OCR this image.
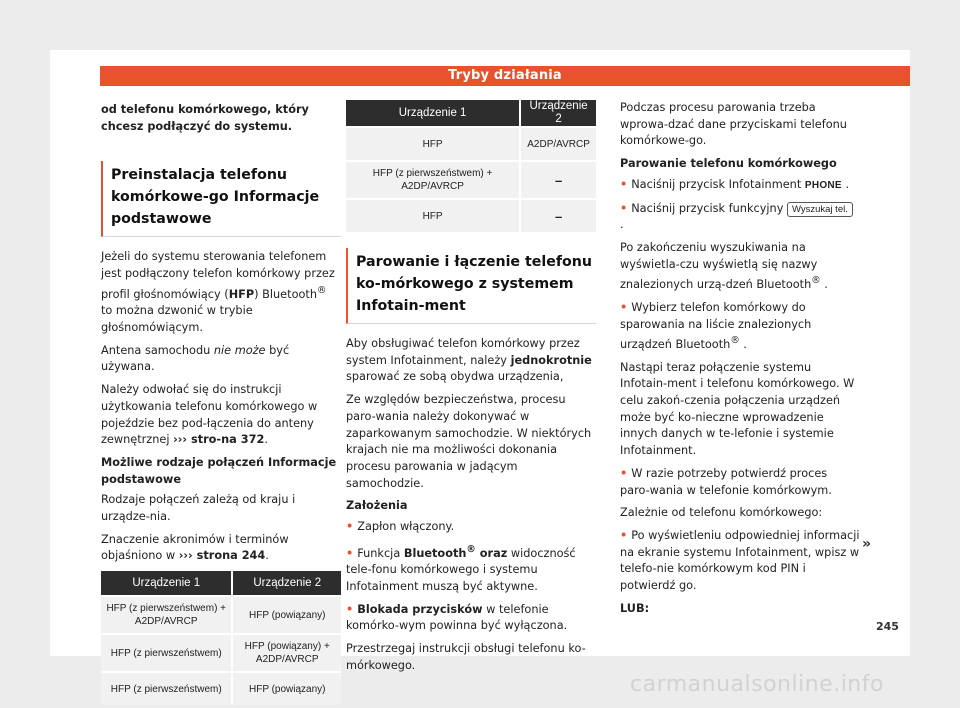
Tryby działania

od telefonu komórkowego, który chcesz podłączyć do systemu.

Preinstalacja telefonu komórkowe-go Informacje podstawowe

Jeżeli do systemu sterowania telefonem jest podłączony telefon komórkowy przez profil głośnomówiący (HFP) Bluetooth® to można dzwonić w trybie głośnomówiącym.

Antena samochodu nie może być używana.

Należy odwołać się do instrukcji użytkowania telefonu komórkowego w pojeździe bez pod-łączenia do anteny zewnętrznej ››› stro-na 372.

Możliwe rodzaje połączeń Informacje podstawowe

Rodzaje połączeń zależą od kraju i urządze-nia.

Znaczenie akronimów i terminów objaśniono w ››› strona 244.

Urządzenie 1	Urządzenie 2
HFP (z pierwszeństwem) + A2DP/AVRCP	HFP (powiązany)
HFP (z pierwszeństwem)	HFP (powiązany) + A2DP/AVRCP
HFP (z pierwszeństwem)	HFP (powiązany)
Urządzenie 1	Urządzenie 2
HFP	A2DP/AVRCP
HFP (z pierwszeństwem) + A2DP/AVRCP	–
HFP	–
Parowanie i łączenie telefonu ko-mórkowego z systemem Infotain-ment

Aby obsługiwać telefon komórkowy przez system Infotainment, należy jednokrotnie sparować ze sobą obydwa urządzenia,

Ze względów bezpieczeństwa, procesu paro-wania należy dokonywać w zaparkowanym samochodzie. W niektórych krajach nie ma możliwości dokonania procesu parowania w jadącym samochodzie.

Założenia

• Zapłon włączony.

• Funkcja Bluetooth® oraz widoczność tele-fonu komórkowego i systemu Infotainment muszą być aktywne.

• Blokada przycisków w telefonie komórko-wym powinna być wyłączona.

Przestrzegaj instrukcji obsługi telefonu ko-mórkowego.

Podczas procesu parowania trzeba wprowa-dzać dane przyciskami telefonu komórkowe-go.

Parowanie telefonu komórkowego

• Naciśnij przycisk Infotainment PHONE .

• Naciśnij przycisk funkcyjny Wyszukaj tel. .

Po zakończeniu wyszukiwania na wyświetla-czu wyświetlą się nazwy znalezionych urzą-dzeń Bluetooth® .

• Wybierz telefon komórkowy do sparowania na liście znalezionych urządzeń Bluetooth® .

Nastąpi teraz połączenie systemu Infotain-ment i telefonu komórkowego. W celu zakoń-czenia połączenia urządzeń może być ko-nieczne wprowadzenie innych danych w te-lefonie i systemie Infotainment.

• W razie potrzeby potwierdź proces paro-wania w telefonie komórkowym.

Zależnie od telefonu komórkowego:

• Po wyświetleniu odpowiedniej informacji na ekranie systemu Infotainment, wpisz w telefo-nie komórkowym kod PIN i potwierdź go.

LUB:

»
245
carmanualsonline.info
